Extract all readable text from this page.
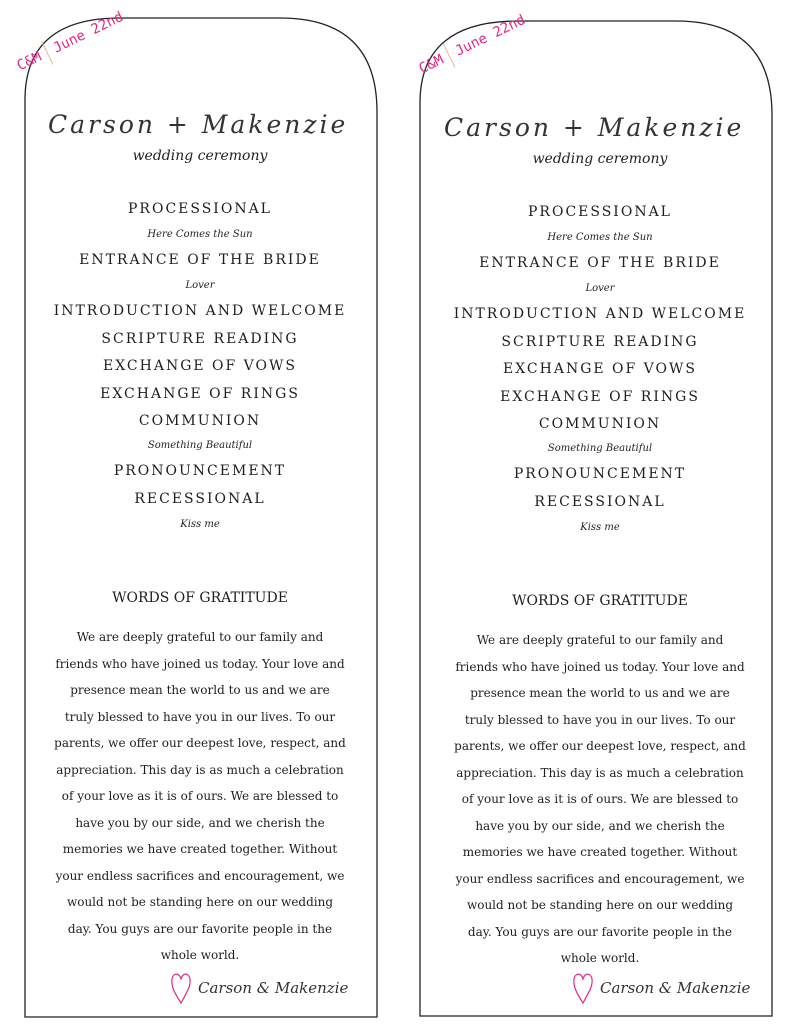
C&M
June 22nd
Carson + Makenzie
wedding ceremony
PROCESSIONAL
Here Comes the Sun
ENTRANCE OF THE BRIDE
Lover
INTRODUCTION AND WELCOME
SCRIPTURE READING
EXCHANGE OF VOWS
EXCHANGE OF RINGS
COMMUNION
Something Beautiful
PRONOUNCEMENT
RECESSIONAL
Kiss me
WORDS OF GRATITUDE

We are deeply grateful to our family and
friends who have joined us today. Your love and
presence mean the world to us and we are
truly blessed to have you in our lives. To our
parents, we offer our deepest love, respect, and
appreciation. This day is as much a celebration
of your love as it is of ours. We are blessed to
have you by our side, and we cherish the
memories we have created together. Without
your endless sacrifices and encouragement, we
would not be standing here on our wedding
day. You guys are our favorite people in the
whole world.

Carson & Makenzie
C&M
June 22nd
Carson + Makenzie
wedding ceremony
PROCESSIONAL
Here Comes the Sun
ENTRANCE OF THE BRIDE
Lover
INTRODUCTION AND WELCOME
SCRIPTURE READING
EXCHANGE OF VOWS
EXCHANGE OF RINGS
COMMUNION
Something Beautiful
PRONOUNCEMENT
RECESSIONAL
Kiss me
WORDS OF GRATITUDE

We are deeply grateful to our family and
friends who have joined us today. Your love and
presence mean the world to us and we are
truly blessed to have you in our lives. To our
parents, we offer our deepest love, respect, and
appreciation. This day is as much a celebration
of your love as it is of ours. We are blessed to
have you by our side, and we cherish the
memories we have created together. Without
your endless sacrifices and encouragement, we
would not be standing here on our wedding
day. You guys are our favorite people in the
whole world.

Carson & Makenzie
